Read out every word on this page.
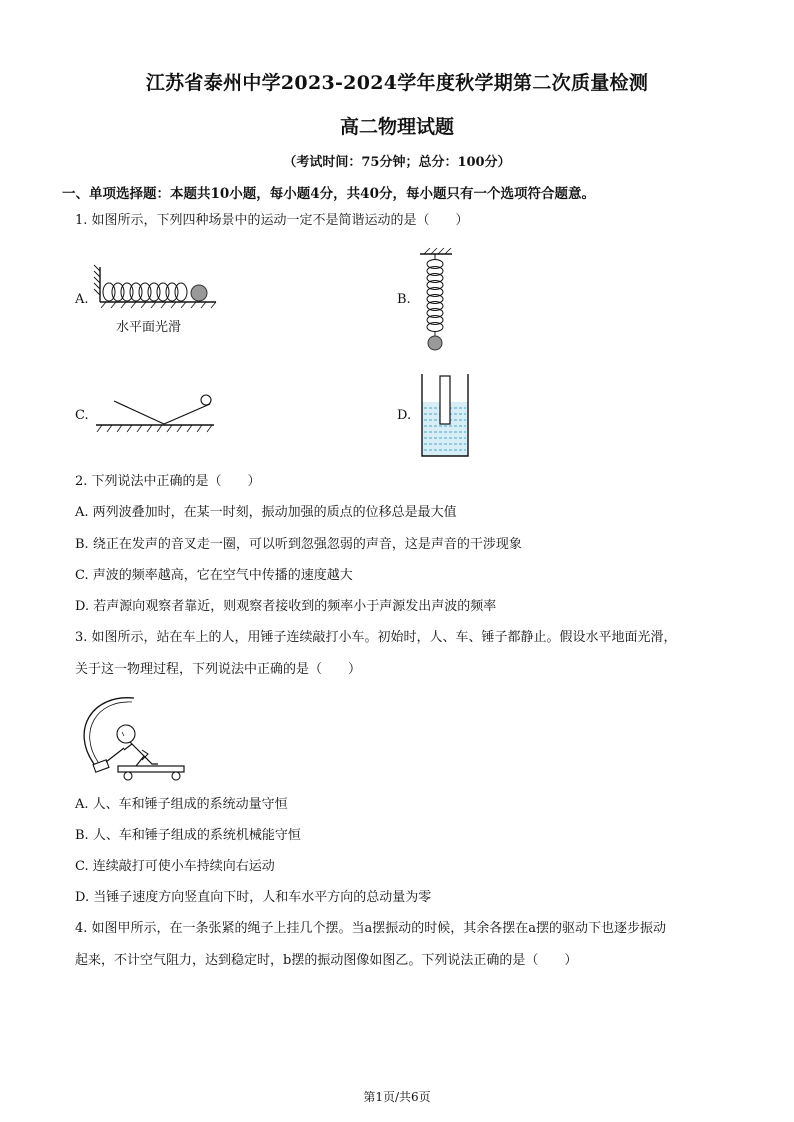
江苏省泰州中学2023-2024学年度秋学期第二次质量检测
高二物理试题
（考试时间：75分钟；总分：100分）
一、单项选择题：本题共10小题，每小题4分，共40分，每小题只有一个选项符合题意。
1. 如图所示，下列四种场景中的运动一定不是简谐运动的是（　　）
A.
水平面光滑
B.
C.	D.
2. 下列说法中正确的是（　　）
A. 两列波叠加时，在某一时刻，振动加强的质点的位移总是最大值
B. 绕正在发声的音叉走一圈，可以听到忽强忽弱的声音，这是声音的干涉现象
C. 声波的频率越高，它在空气中传播的速度越大
D. 若声源向观察者靠近，则观察者接收到的频率小于声源发出声波的频率
3. 如图所示，站在车上的人，用锤子连续敲打小车。初始时，人、车、锤子都静止。假设水平地面光滑，
关于这一物理过程，下列说法中正确的是（　　）
A. 人、车和锤子组成的系统动量守恒
B. 人、车和锤子组成的系统机械能守恒
C. 连续敲打可使小车持续向右运动
D. 当锤子速度方向竖直向下时，人和车水平方向的总动量为零
4. 如图甲所示，在一条张紧的绳子上挂几个摆。当a摆振动的时候，其余各摆在a摆的驱动下也逐步振动
起来，不计空气阻力，达到稳定时，b摆的振动图像如图乙。下列说法正确的是（　　）
第1页/共6页
